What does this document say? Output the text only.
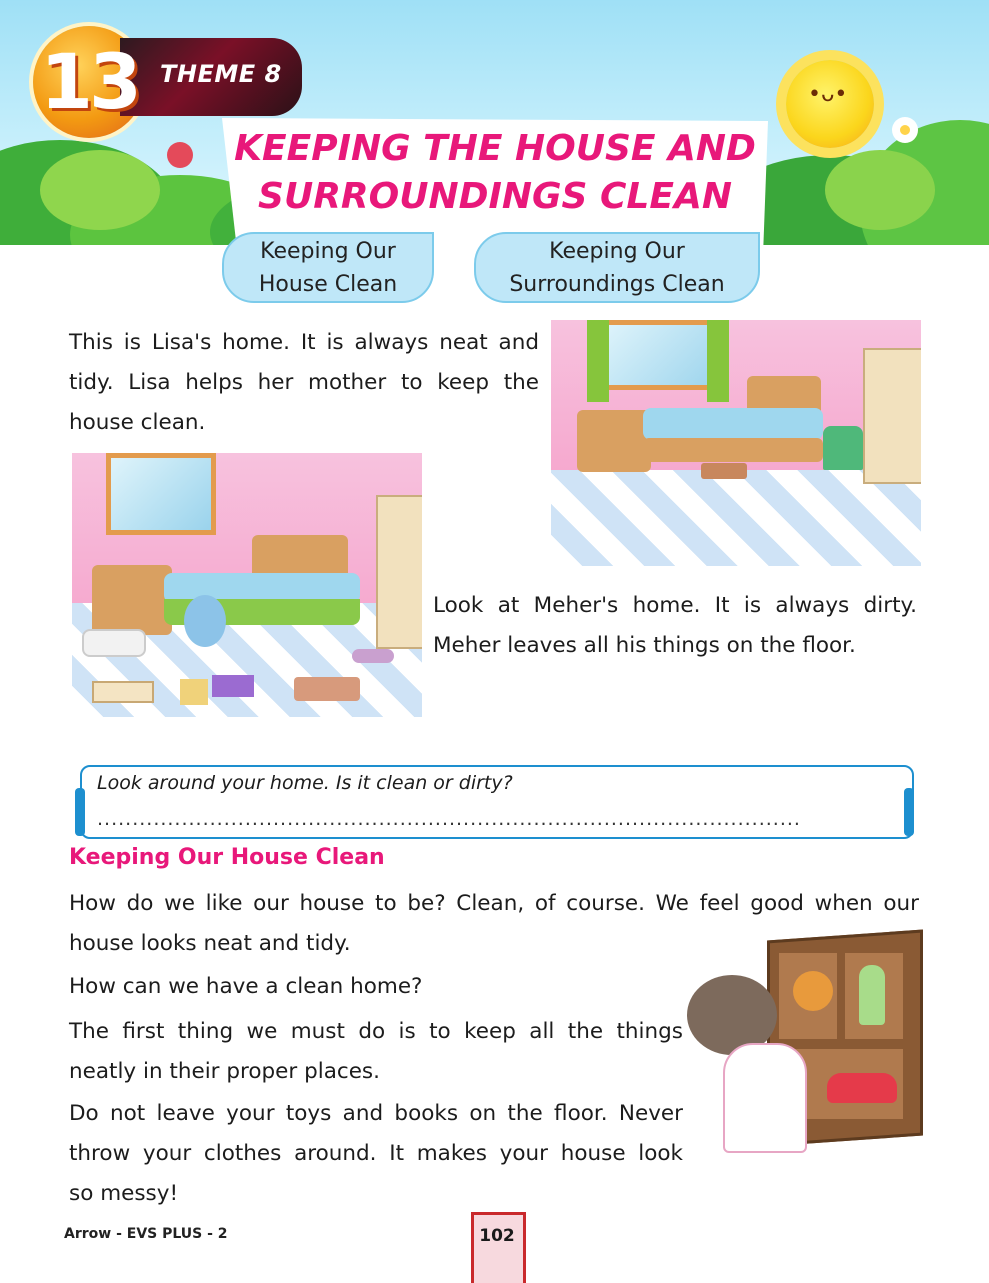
13 THEME 8
•ᴗ•
KEEPING THE HOUSE AND
SURROUNDINGS CLEAN
Keeping Our
House Clean
Keeping Our
Surroundings Clean
This is Lisa's home. It is always neat and
tidy. Lisa helps her mother to keep the
house clean.
Look at Meher's home. It is always dirty.
Meher leaves all his things on the floor.
Look around your home. Is it clean or dirty?
....................................................................................................
Keeping Our House Clean
How do we like our house to be? Clean, of course. We feel good when our
house looks neat and tidy.
How can we have a clean home?
The first thing we must do is to keep all the things
neatly in their proper places.
Do not leave your toys and books on the floor. Never
throw your clothes around. It makes your house look
so messy!
Arrow - EVS PLUS - 2	102
